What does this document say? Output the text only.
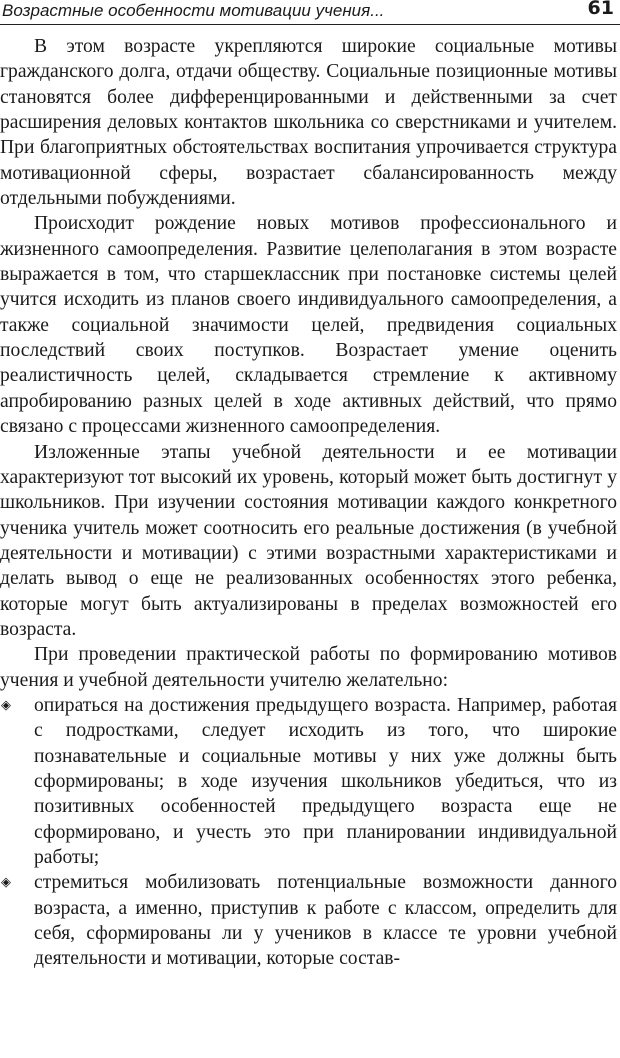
Возрастные особенности мотивации учения...	61

В этом возрасте укрепляются широкие социальные мотивы гражданского долга, отдачи обществу. Социальные позиционные мотивы становятся более дифференцированными и действенными за счет расширения деловых контактов школьника со сверстниками и учителем. При благоприятных обстоятельствах воспитания упрочивается структура мотивационной сферы, возрастает сбалансированность между отдельными побуждениями.

Происходит рождение новых мотивов профессионального и жизненного самоопределения. Развитие целеполагания в этом возрасте выражается в том, что старшеклассник при постановке системы целей учится исходить из планов своего индивидуального самоопределения, а также социальной значимости целей, предвидения социальных последствий своих поступков. Возрастает умение оценить реалистичность целей, складывается стремление к активному апробированию разных целей в ходе активных действий, что прямо связано с процессами жизненного самоопределения.

Изложенные этапы учебной деятельности и ее мотивации характеризуют тот высокий их уровень, который может быть достигнут у школьников. При изучении состояния мотивации каждого конкретного ученика учитель может соотносить его реальные достижения (в учебной деятельности и мотивации) с этими возрастными характеристиками и делать вывод о еще не реализованных особенностях этого ребенка, которые могут быть актуализированы в пределах возможностей его возраста.

При проведении практической работы по формированию мотивов учения и учебной деятельности учителю желательно:

◈ опираться на достижения предыдущего возраста. Например, работая с подростками, следует исходить из того, что широкие познавательные и социальные мотивы у них уже должны быть сформированы; в ходе изучения школьников убедиться, что из позитивных особенностей предыдущего возраста еще не сформировано, и учесть это при планировании индивидуальной работы;
◈ стремиться мобилизовать потенциальные возможности данного возраста, а именно, приступив к работе с классом, определить для себя, сформированы ли у учеников в классе те уровни учебной деятельности и мотивации, которые состав-
